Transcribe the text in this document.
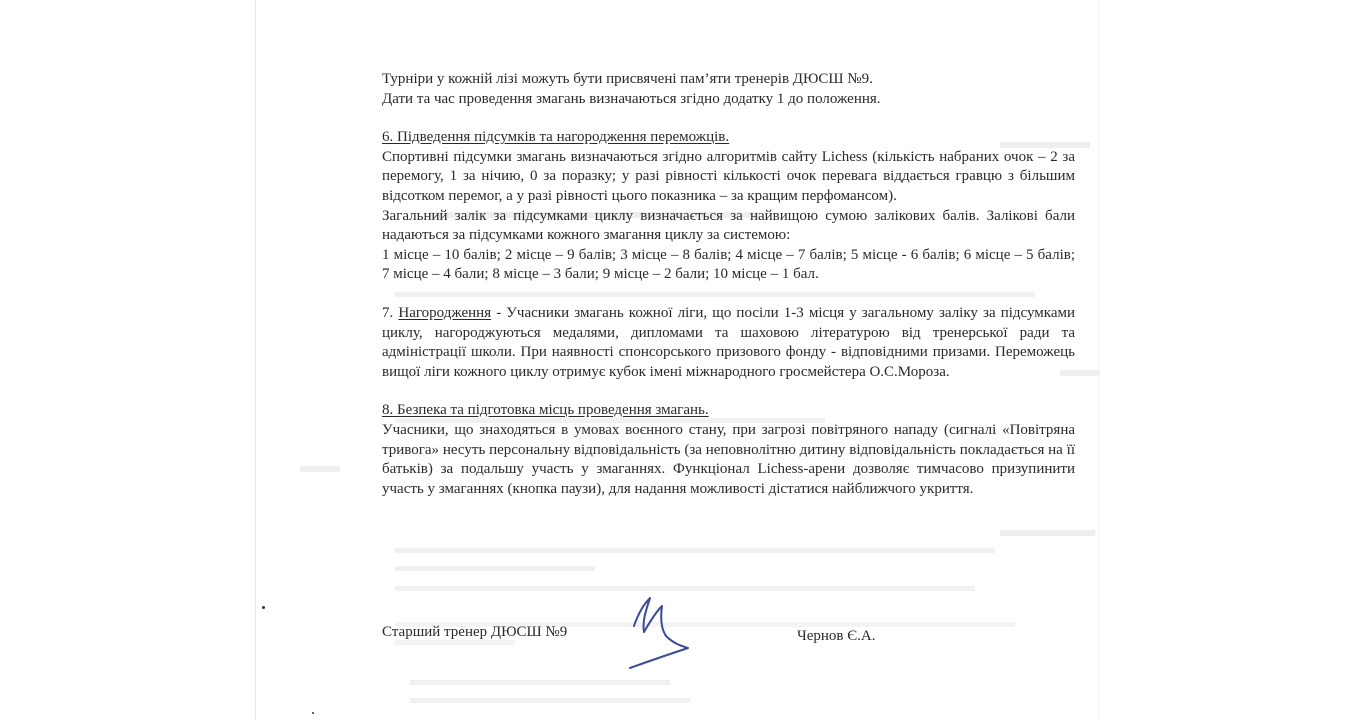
Турніри у кожній лізі можуть бути присвячені пам’яти тренерів ДЮСШ №9.

Дати та час проведення змагань визначаються згідно додатку 1 до положення.

6. Підведення підсумків та нагородження переможців.

Спортивні підсумки змагань визначаються згідно алгоритмів сайту Lichess (кількість набраних очок – 2 за перемогу, 1 за нічию, 0 за поразку; у разі рівності кількості очок перевага віддається гравцю з більшим відсотком перемог, а у разі рівності цього показника – за кращим перфомансом).

Загальний залік за підсумками циклу визначається за найвищою сумою залікових балів. Залікові бали надаються за підсумками кожного змагання циклу за системою:

1 місце – 10 балів; 2 місце – 9 балів; 3 місце – 8 балів; 4 місце – 7 балів; 5 місце - 6 балів; 6 місце – 5 балів; 7 місце – 4 бали; 8 місце – 3 бали; 9 місце – 2 бали; 10 місце – 1 бал.

7. Нагородження - Учасники змагань кожної ліги, що посіли 1-3 місця у загальному заліку за підсумками циклу, нагороджуються медалями, дипломами та шаховою літературою від тренерської ради та адміністрації школи. При наявності спонсорського призового фонду - відповідними призами. Переможець вищої ліги кожного циклу отримує кубок імені міжнародного гросмейстера О.С.Мороза.

8. Безпека та підготовка місць проведення змагань.

Учасники, що знаходяться в умовах воєнного стану, при загрозі повітряного нападу (сигналі «Повітряна тривога» несуть персональну відповідальність (за неповнолітню дитину відповідальність покладається на її батьків) за подальшу участь у змаганнях. Функціонал Lichess-арени дозволяє тимчасово призупинити участь у змаганнях (кнопка паузи), для надання можливості дістатися найближчого укриття.

Старший тренер ДЮСШ №9	Чернов Є.А.
